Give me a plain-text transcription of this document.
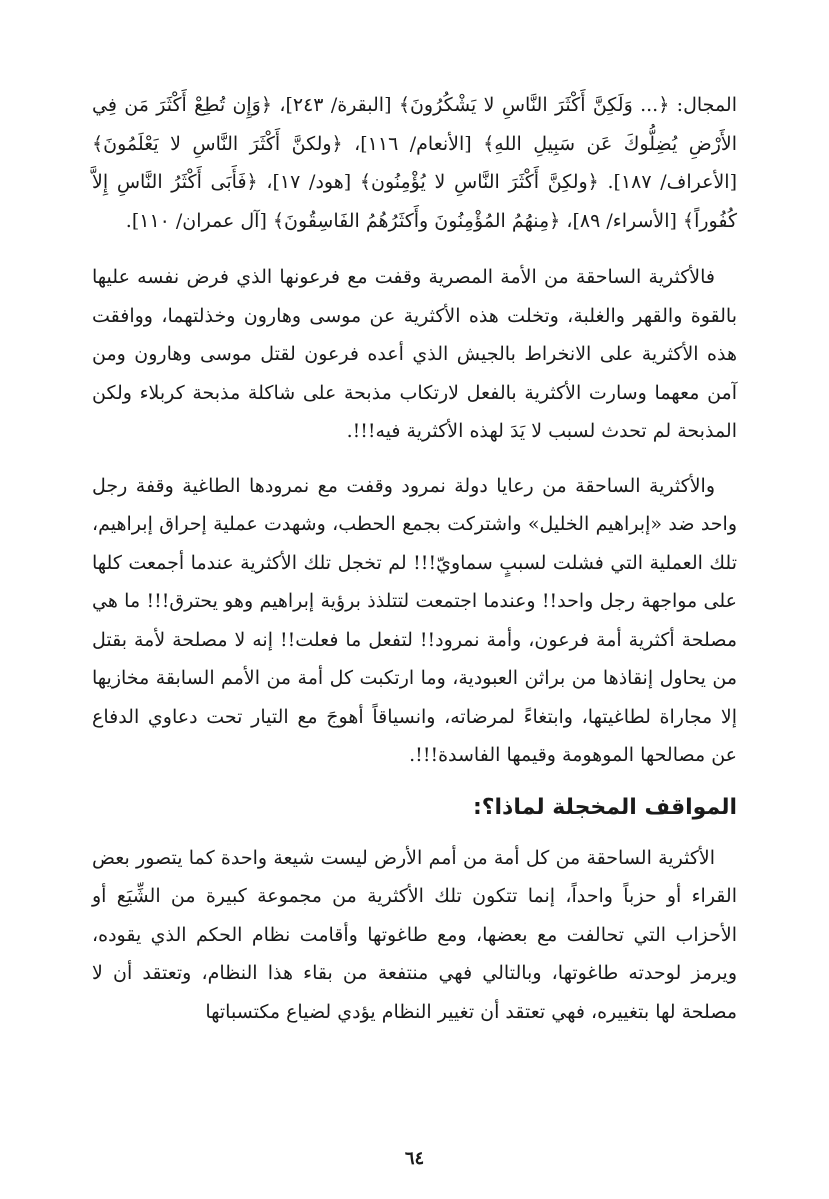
المجال: ﴿... وَلَكِنَّ أَكْثَرَ النَّاسِ لا يَشْكُرُونَ﴾ [البقرة/ ٢٤٣]، ﴿وَإِن تُطِعْ أَكْثَرَ مَن فِي الأَرْضِ يُضِلُّوكَ عَن سَبِيلِ اللهِ﴾ [الأنعام/ ١١٦]، ﴿ولكنَّ أَكْثَرَ النَّاسِ لا يَعْلَمُونَ﴾ [الأعراف/ ١٨٧]. ﴿ولكِنَّ أَكْثَرَ النَّاسِ لا يُؤْمِنُون﴾ [هود/ ١٧]، ﴿فَأَبَى أَكْثَرُ النَّاسِ إِلاَّ كُفُوراً﴾ [الأسراء/ ٨٩]، ﴿مِنهُمُ المُؤْمِنُونَ وأَكثَرُهُمُ الفَاسِقُونَ﴾ [آل عمران/ ١١٠].

فالأكثرية الساحقة من الأمة المصرية وقفت مع فرعونها الذي فرض نفسه عليها بالقوة والقهر والغلبة، وتخلت هذه الأكثرية عن موسى وهارون وخذلتهما، ووافقت هذه الأكثرية على الانخراط بالجيش الذي أعده فرعون لقتل موسى وهارون ومن آمن معهما وسارت الأكثرية بالفعل لارتكاب مذبحة على شاكلة مذبحة كربلاء ولكن المذبحة لم تحدث لسبب لا يَدَ لهذه الأكثرية فيه!!!.

والأكثرية الساحقة من رعايا دولة نمرود وقفت مع نمرودها الطاغية وقفة رجل واحد ضد «إبراهيم الخليل» واشتركت بجمع الحطب، وشهدت عملية إحراق إبراهيم، تلك العملية التي فشلت لسببٍ سماويّ!!! لم تخجل تلك الأكثرية عندما أجمعت كلها على مواجهة رجل واحد!! وعندما اجتمعت لتتلذذ برؤية إبراهيم وهو يحترق!!! ما هي مصلحة أكثرية أمة فرعون، وأمة نمرود!! لتفعل ما فعلت!! إنه لا مصلحة لأمة بقتل من يحاول إنقاذها من براثن العبودية، وما ارتكبت كل أمة من الأمم السابقة مخازيها إلا مجاراة لطاغيتها، وابتغاءً لمرضاته، وانسياقاً أهوجَ مع التيار تحت دعاوي الدفاع عن مصالحها الموهومة وقيمها الفاسدة!!!.

المواقف المخجلة لماذا؟:

الأكثرية الساحقة من كل أمة من أمم الأرض ليست شيعة واحدة كما يتصور بعض القراء أو حزباً واحداً، إنما تتكون تلك الأكثرية من مجموعة كبيرة من الشِّيَع أو الأحزاب التي تحالفت مع بعضها، ومع طاغوتها وأقامت نظام الحكم الذي يقوده، ويرمز لوحدته طاغوتها، وبالتالي فهي منتفعة من بقاء هذا النظام، وتعتقد أن لا مصلحة لها بتغييره، فهي تعتقد أن تغيير النظام يؤدي لضياع مكتسباتها

٦٤
